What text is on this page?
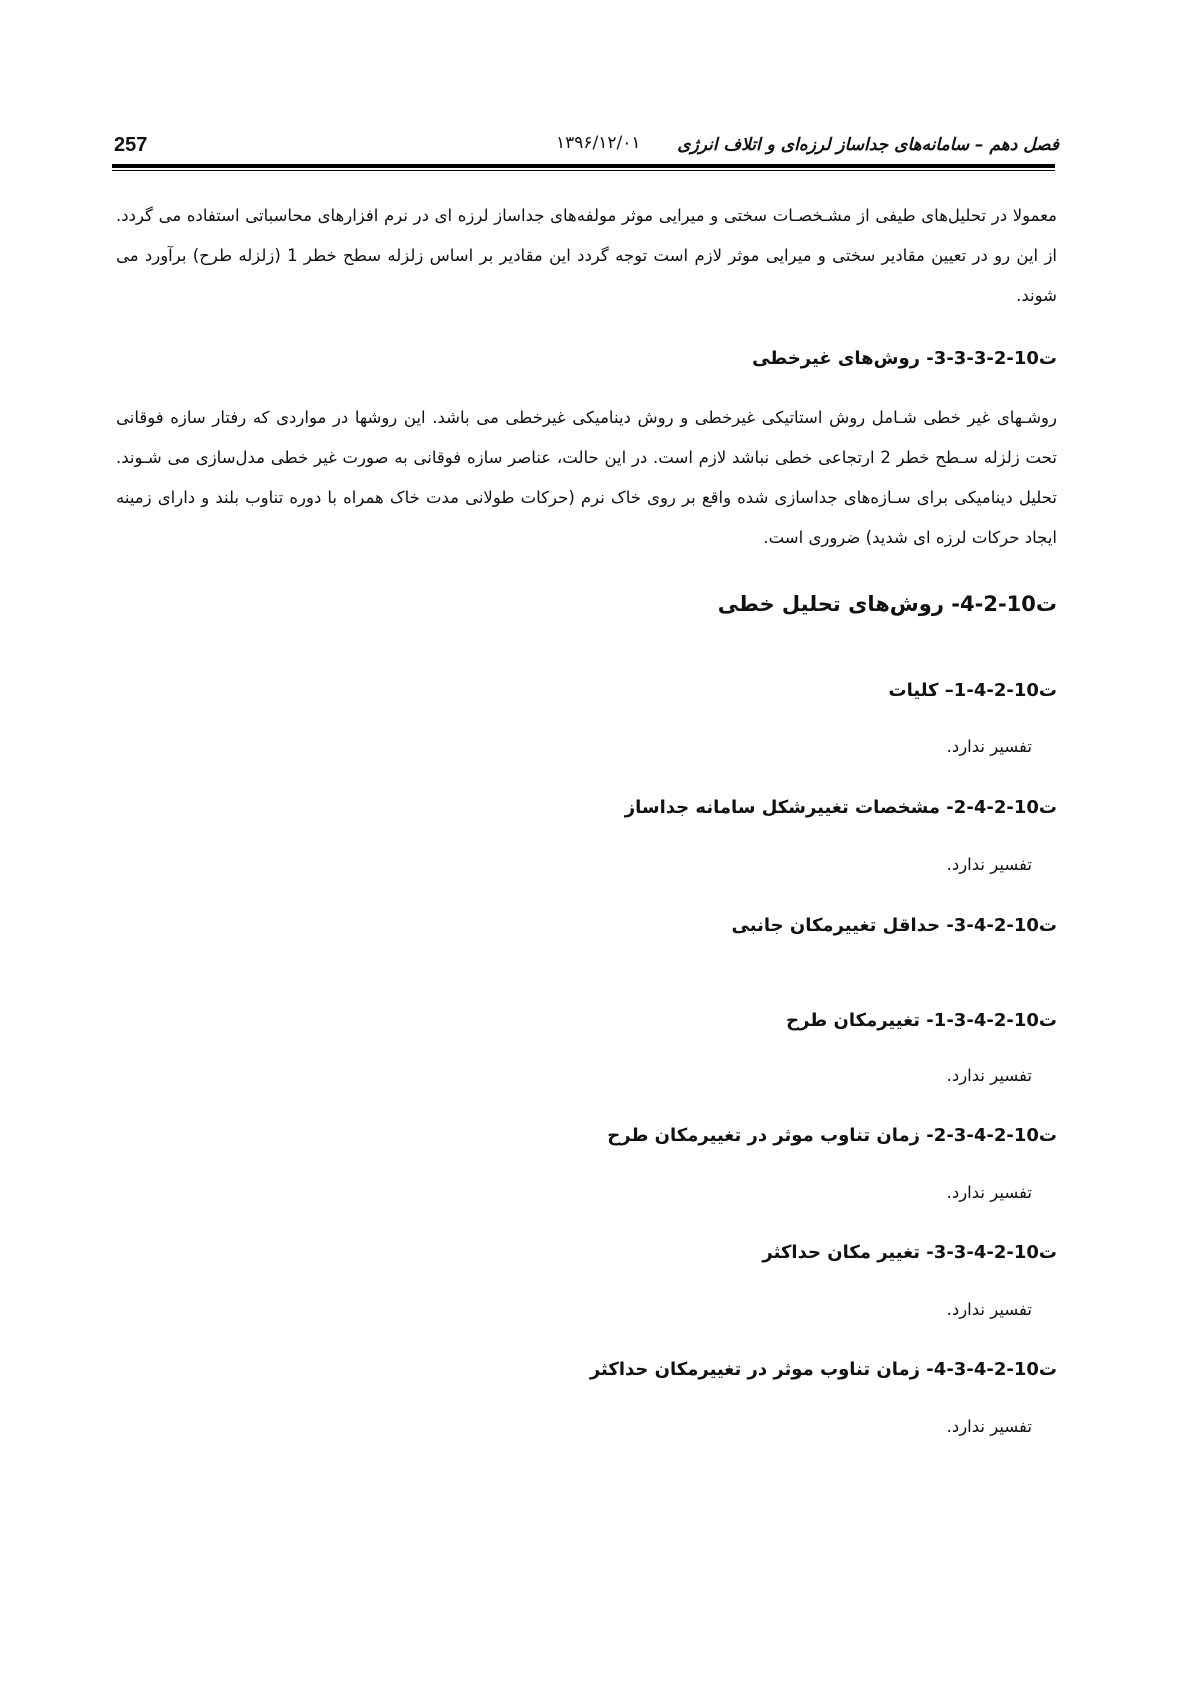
257	۱۳۹۶/۱۲/۰۱ فصل دهم – سامانه‌های جداساز لرزه‌ای و اتلاف انرژی

معمولا در تحلیل‌های طیفی از مشـخصـات سختی و میرایی موثر مولفه‌های جداساز لرزه ای در نرم افزارهای محاسباتی استفاده می گردد. از این رو در تعیین مقادیر سختی و میرایی موثر لازم است توجه گردد این مقادیر بر اساس زلزله سطح خطر 1 (زلزله طرح) برآورد می شوند.

ت10-2-3-3-3- روش‌های غیرخطی

روشـهای غیر خطی شـامل روش استاتیکی غیرخطی و روش دینامیکی غیرخطی می باشد. این روشها در مواردی که رفتار سازه فوقانی تحت زلزله سـطح خطر 2 ارتجاعی خطی نباشد لازم است. در این حالت، عناصر سازه فوقانی به صورت غیر خطی مدل‌سازی می شـوند. تحلیل دینامیکی برای سـازه‌های جداسازی شده واقع بر روی خاک نرم (حرکات طولانی مدت خاک همراه با دوره تناوب بلند و دارای زمینه ایجاد حرکات لرزه ای شدید) ضروری است.

ت10-2-4- روش‌های تحلیل خطی
ت10-2-4-1– کلیات
تفسیر ندارد.
ت10-2-4-2- مشخصات تغییرشکل سامانه جداساز
تفسیر ندارد.
ت10-2-4-3- حداقل تغییرمکان جانبی
ت10-2-4-3-1- تغییرمکان طرح
تفسیر ندارد.
ت10-2-4-3-2- زمان تناوب موثر در تغییرمکان طرح
تفسیر ندارد.
ت10-2-4-3-3- تغییر مکان حداکثر
تفسیر ندارد.
ت10-2-4-3-4- زمان تناوب موثر در تغییرمکان حداکثر
تفسیر ندارد.
